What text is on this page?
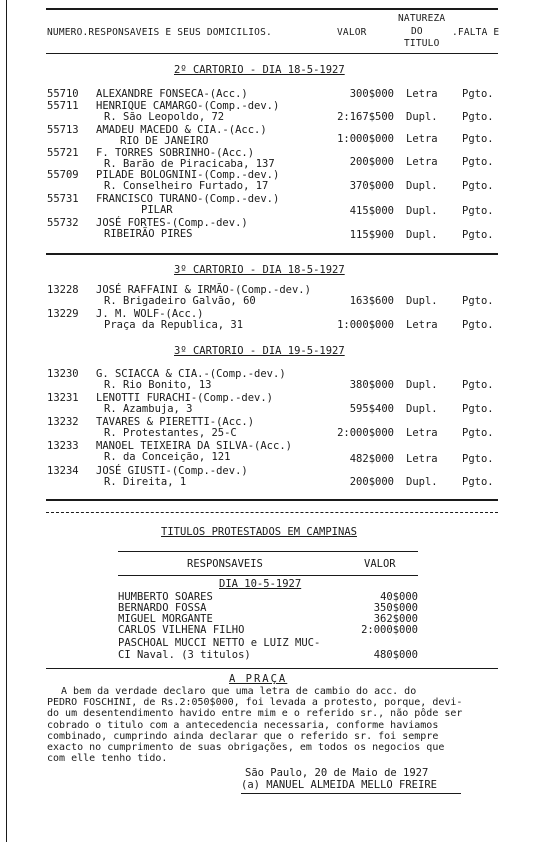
NUMERO.RESPONSAVEIS E SEUS DOMICILIOS.	VALOR
NATUREZA
DO
TITULO
.FALTA E
2º CARTORIO - DIA 18-5-1927
55710 ALEXANDRE FONSECA-(Acc.)	300$000 Letra Pgto.
55711 HENRIQUE CAMARGO-(Comp.-dev.)
R. São Leopoldo, 72	2:167$500 Dupl. Pgto.
55713 AMADEU MACEDO & CIA.-(Acc.)
RIO DE JANEIRO	1:000$000 Letra Pgto.
55721 F. TORRES SOBRINHO-(Acc.)
R. Barão de Piracicaba, 137	200$000 Letra Pgto.
55709 PILADE BOLOGNINI-(Comp.-dev.)
R. Conselheiro Furtado, 17	370$000 Dupl. Pgto.
55731 FRANCISCO TURANO-(Comp.-dev.)
PILAR	415$000 Dupl. Pgto.
55732 JOSÉ FORTES-(Comp.-dev.)
RIBEIRÃO PIRES	115$900 Dupl. Pgto.
3º CARTORIO - DIA 18-5-1927
13228 JOSÉ RAFFAINI & IRMÃO-(Comp.-dev.)
R. Brigadeiro Galvão, 60	163$600 Dupl. Pgto.
13229 J. M. WOLF-(Acc.)
Praça da Republica, 31	1:000$000 Letra Pgto.
3º CARTORIO - DIA 19-5-1927
13230 G. SCIACCA & CIA.-(Comp.-dev.)
R. Rio Bonito, 13	380$000 Dupl. Pgto.
13231 LENOTTI FURACHI-(Comp.-dev.)
R. Azambuja, 3	595$400 Dupl. Pgto.
13232 TAVARES & PIERETTI-(Acc.)
R. Protestantes, 25-C	2:000$000 Letra Pgto.
13233 MANOEL TEIXEIRA DA SILVA-(Acc.)
R. da Conceição, 121	482$000 Letra Pgto.
13234 JOSÉ GIUSTI-(Comp.-dev.)
R. Direita, 1	200$000 Dupl. Pgto.
TITULOS PROTESTADOS EM CAMPINAS
RESPONSAVEIS	VALOR
DIA 10-5-1927
HUMBERTO SOARES	40$000
BERNARDO FOSSA	350$000
MIGUEL MORGANTE	362$000
CARLOS VILHENA FILHO	2:000$000
PASCHOAL MUCCI NETTO e LUIZ MUC-
CI Naval. (3 titulos)	480$000
A PRAÇA
A bem da verdade declaro que uma letra de cambio do acc. do
PEDRO FOSCHINI, de Rs.2:050$000, foi levada a protesto, porque, devi-
do um desentendimento havido entre mim e o referido sr., não pôde ser
cobrado o titulo com a antecedencia necessaria, conforme haviamos
combinado, cumprindo ainda declarar que o referido sr. foi sempre
exacto no cumprimento de suas obrigações, em todos os negocios que
com elle tenho tido.
São Paulo, 20 de Maio de 1927
(a) MANUEL ALMEIDA MELLO FREIRE
